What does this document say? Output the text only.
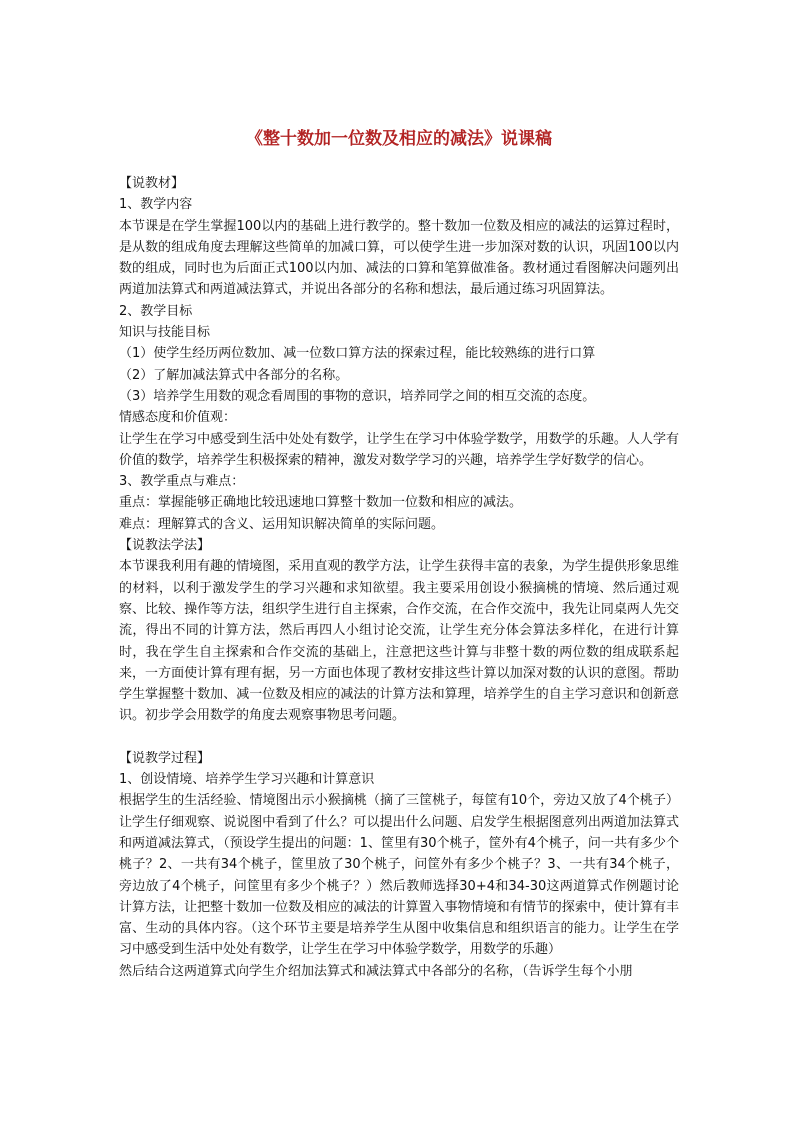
《整十数加一位数及相应的减法》说课稿

【说教材】

1、教学内容

本节课是在学生掌握100以内的基础上进行教学的。整十数加一位数及相应的减法的运算过程时，是从数的组成角度去理解这些简单的加减口算，可以使学生进一步加深对数的认识，巩固100以内数的组成，同时也为后面正式100以内加、减法的口算和笔算做准备。教材通过看图解决问题列出两道加法算式和两道减法算式，并说出各部分的名称和想法，最后通过练习巩固算法。

2、教学目标

知识与技能目标

（1）使学生经历两位数加、减一位数口算方法的探索过程，能比较熟练的进行口算

（2）了解加减法算式中各部分的名称。

（3）培养学生用数的观念看周围的事物的意识，培养同学之间的相互交流的态度。

情感态度和价值观：

让学生在学习中感受到生活中处处有数学，让学生在学习中体验学数学，用数学的乐趣。人人学有价值的数学，培养学生积极探索的精神，激发对数学学习的兴趣，培养学生学好数学的信心。

3、教学重点与难点：

重点：掌握能够正确地比较迅速地口算整十数加一位数和相应的减法。

难点：理解算式的含义、运用知识解决简单的实际问题。

【说教法学法】

本节课我利用有趣的情境图，采用直观的教学方法，让学生获得丰富的表象，为学生提供形象思维的材料，以利于激发学生的学习兴趣和求知欲望。我主要采用创设小猴摘桃的情境、然后通过观察、比较、操作等方法，组织学生进行自主探索，合作交流，在合作交流中，我先让同桌两人先交流，得出不同的计算方法，然后再四人小组讨论交流，让学生充分体会算法多样化，在进行计算时，我在学生自主探索和合作交流的基础上，注意把这些计算与非整十数的两位数的组成联系起来，一方面使计算有理有据，另一方面也体现了教材安排这些计算以加深对数的认识的意图。帮助学生掌握整十数加、减一位数及相应的减法的计算方法和算理，培养学生的自主学习意识和创新意识。初步学会用数学的角度去观察事物思考问题。

【说教学过程】

1、创设情境、培养学生学习兴趣和计算意识

根据学生的生活经验、情境图出示小猴摘桃（摘了三筐桃子，每筐有10个，旁边又放了4个桃子）让学生仔细观察、说说图中看到了什么？可以提出什么问题、启发学生根据图意列出两道加法算式和两道减法算式，（预设学生提出的问题：1、筐里有30个桃子，筐外有4个桃子，问一共有多少个桃子？2、一共有34个桃子，筐里放了30个桃子，问筐外有多少个桃子？3、一共有34个桃子，旁边放了4个桃子，问筐里有多少个桃子？）然后教师选择30+4和34-30这两道算式作例题讨论计算方法，让把整十数加一位数及相应的减法的计算置入事物情境和有情节的探索中，使计算有丰富、生动的具体内容。（这个环节主要是培养学生从图中收集信息和组织语言的能力。让学生在学习中感受到生活中处处有数学，让学生在学习中体验学数学，用数学的乐趣）

然后结合这两道算式向学生介绍加法算式和减法算式中各部分的名称，（告诉学生每个小朋
